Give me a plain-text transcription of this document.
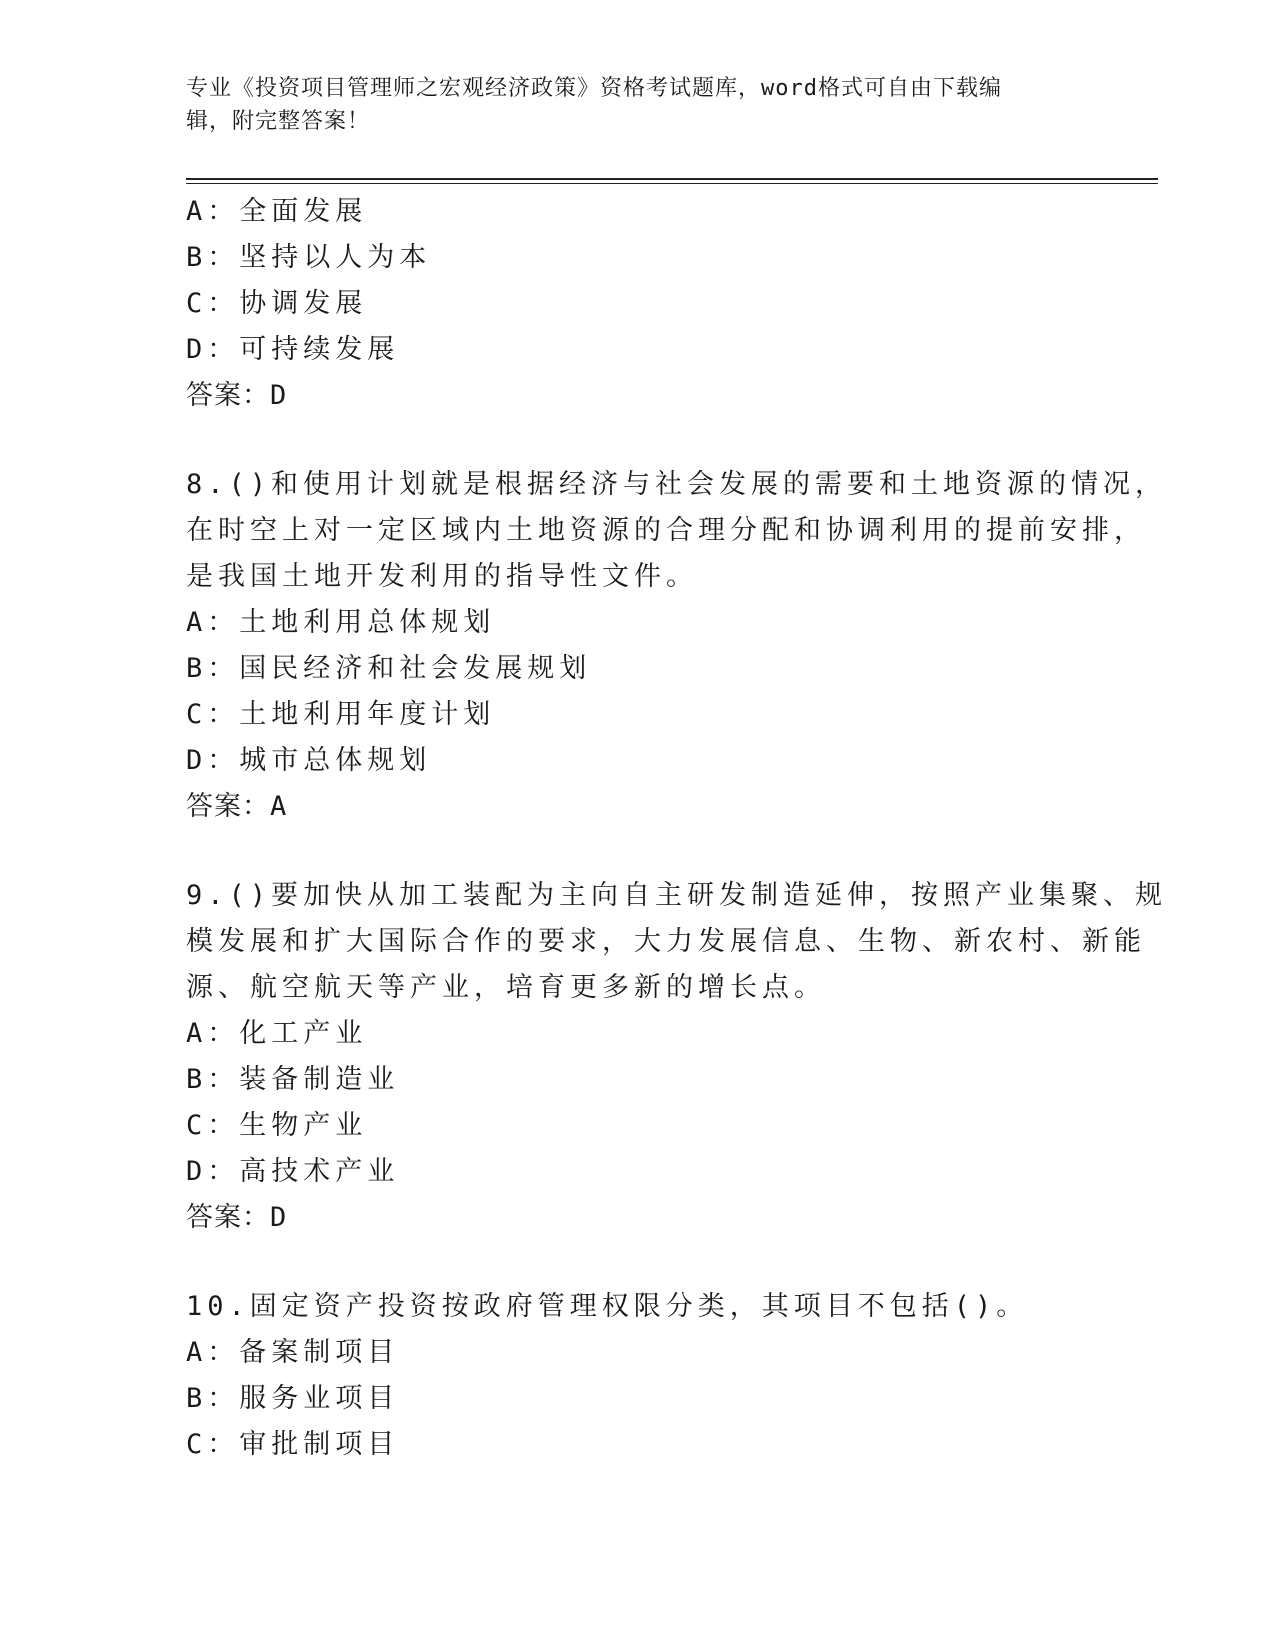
专业《投资项目管理师之宏观经济政策》资格考试题库，word格式可自由下载编
辑，附完整答案！
A：全面发展
B：坚持以人为本
C：协调发展
D：可持续发展
答案：D
8.()和使用计划就是根据经济与社会发展的需要和土地资源的情况，
在时空上对一定区域内土地资源的合理分配和协调利用的提前安排，
是我国土地开发利用的指导性文件。
A：土地利用总体规划
B：国民经济和社会发展规划
C：土地利用年度计划
D：城市总体规划
答案：A
9.()要加快从加工装配为主向自主研发制造延伸，按照产业集聚、规
模发展和扩大国际合作的要求，大力发展信息、生物、新农村、新能
源、航空航天等产业，培育更多新的增长点。
A：化工产业
B：装备制造业
C：生物产业
D：高技术产业
答案：D
10.固定资产投资按政府管理权限分类，其项目不包括()。
A：备案制项目
B：服务业项目
C：审批制项目
